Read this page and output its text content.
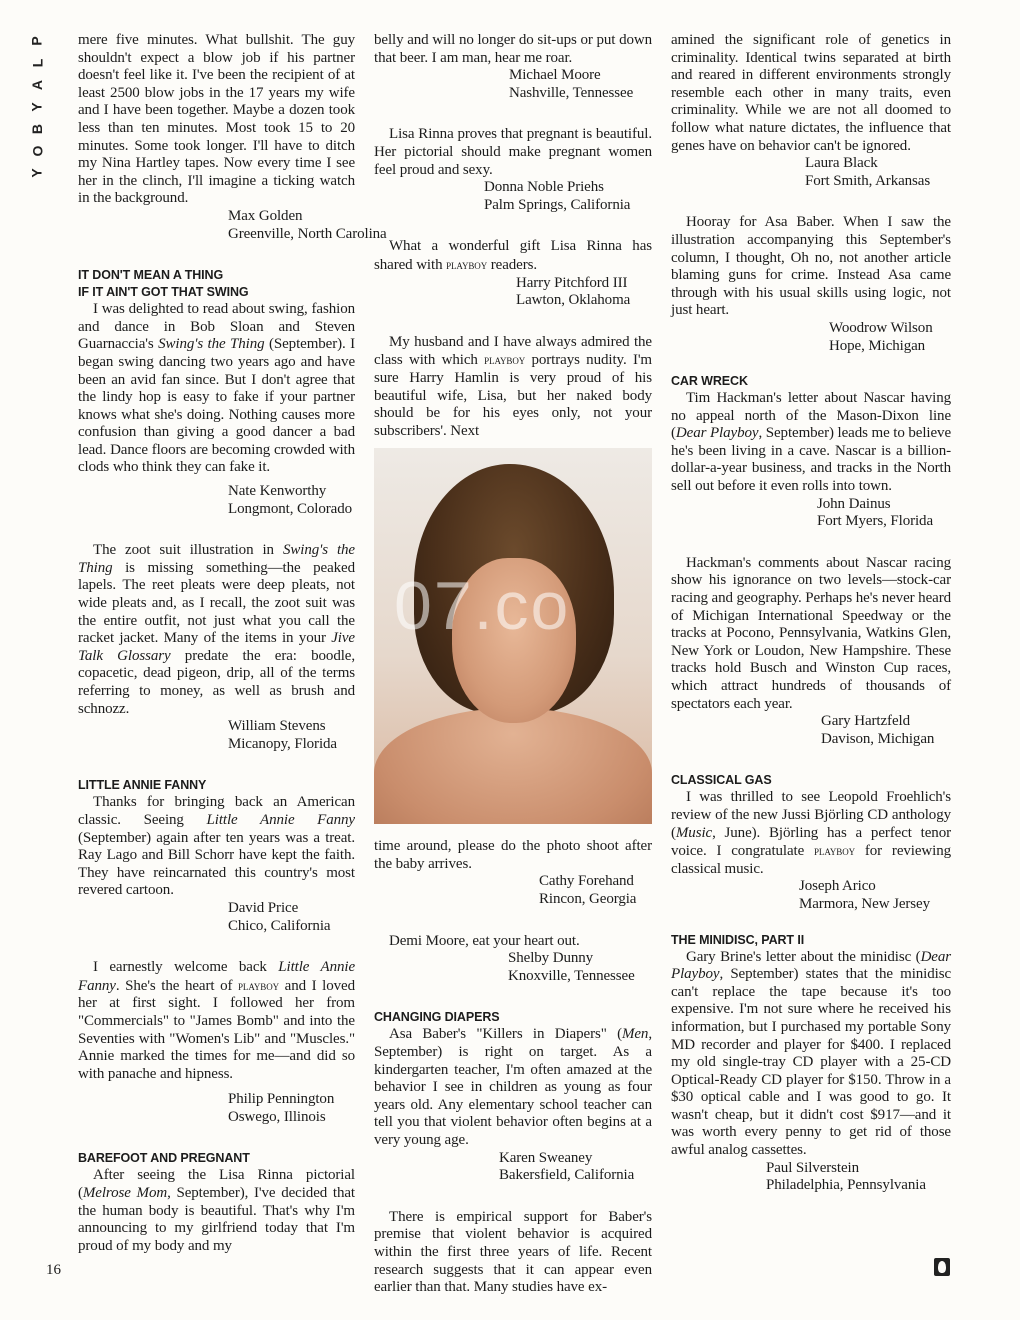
P
L
A
Y
B
O
Y

mere five minutes. What bullshit. The guy shouldn't expect a blow job if his partner doesn't feel like it. I've been the recipient of at least 2500 blow jobs in the 17 years my wife and I have been together. Maybe a dozen took less than ten minutes. Most took 15 to 20 minutes. Some took longer. I'll have to ditch my Nina Hartley tapes. Now every time I see her in the clinch, I'll imagine a ticking watch in the background.

Max Golden
Greenville, North Carolina
IT DON'T MEAN A THING
IF IT AIN'T GOT THAT SWING

I was delighted to read about swing, fashion and dance in Bob Sloan and Steven Guarnaccia's Swing's the Thing (September). I began swing dancing two years ago and have been an avid fan since. But I don't agree that the lindy hop is easy to fake if your partner knows what she's doing. Nothing causes more confusion than giving a good dancer a bad lead. Dance floors are becoming crowded with clods who think they can fake it.

Nate Kenworthy
Longmont, Colorado

The zoot suit illustration in Swing's the Thing is missing something—the peaked lapels. The reet pleats were deep pleats, not wide pleats and, as I recall, the zoot suit was the entire outfit, not just what you call the racket jacket. Many of the items in your Jive Talk Glossary predate the era: boodle, copacetic, dead pigeon, drip, all of the terms referring to money, as well as brush and schnozz.

William Stevens
Micanopy, Florida
LITTLE ANNIE FANNY

Thanks for bringing back an American classic. Seeing Little Annie Fanny (September) again after ten years was a treat. Ray Lago and Bill Schorr have kept the faith. They have reincarnated this country's most revered cartoon.

David Price
Chico, California

I earnestly welcome back Little Annie Fanny. She's the heart of playboy and I loved her at first sight. I followed her from "Commercials" to "James Bomb" and into the Seventies with "Women's Lib" and "Muscles." Annie marked the times for me—and did so with panache and hipness.

Philip Pennington
Oswego, Illinois
BAREFOOT AND PREGNANT

After seeing the Lisa Rinna pictorial (Melrose Mom, September), I've decided that the human body is beautiful. That's why I'm announcing to my girlfriend today that I'm proud of my body and my

belly and will no longer do sit-ups or put down that beer. I am man, hear me roar.

Michael Moore
Nashville, Tennessee

Lisa Rinna proves that pregnant is beautiful. Her pictorial should make pregnant women feel proud and sexy.

Donna Noble Priehs
Palm Springs, California

What a wonderful gift Lisa Rinna has shared with playboy readers.

Harry Pitchford III
Lawton, Oklahoma

My husband and I have always admired the class with which playboy portrays nudity. I'm sure Harry Hamlin is very proud of his beautiful wife, Lisa, but her naked body should be for his eyes only, not your subscribers'. Next

07.co

time around, please do the photo shoot after the baby arrives.

Cathy Forehand
Rincon, Georgia

Demi Moore, eat your heart out.

Shelby Dunny
Knoxville, Tennessee
CHANGING DIAPERS

Asa Baber's "Killers in Diapers" (Men, September) is right on target. As a kindergarten teacher, I'm often amazed at the behavior I see in children as young as four years old. Any elementary school teacher can tell you that violent behavior often begins at a very young age.

Karen Sweaney
Bakersfield, California

There is empirical support for Baber's premise that violent behavior is acquired within the first three years of life. Recent research suggests that it can appear even earlier than that. Many studies have ex-

amined the significant role of genetics in criminality. Identical twins separated at birth and reared in different environments strongly resemble each other in many traits, even criminality. While we are not all doomed to follow what nature dictates, the influence that genes have on behavior can't be ignored.

Laura Black
Fort Smith, Arkansas

Hooray for Asa Baber. When I saw the illustration accompanying this September's column, I thought, Oh no, not another article blaming guns for crime. Instead Asa came through with his usual skills using logic, not just heart.

Woodrow Wilson
Hope, Michigan
CAR WRECK

Tim Hackman's letter about Nascar having no appeal north of the Mason-Dixon line (Dear Playboy, September) leads me to believe he's been living in a cave. Nascar is a billion-dollar-a-year business, and tracks in the North sell out before it even rolls into town.

John Dainus
Fort Myers, Florida

Hackman's comments about Nascar racing show his ignorance on two levels—stock-car racing and geography. Perhaps he's never heard of Michigan International Speedway or the tracks at Pocono, Pennsylvania, Watkins Glen, New York or Loudon, New Hampshire. These tracks hold Busch and Winston Cup races, which attract hundreds of thousands of spectators each year.

Gary Hartzfeld
Davison, Michigan
CLASSICAL GAS

I was thrilled to see Leopold Froehlich's review of the new Jussi Björling CD anthology (Music, June). Björling has a perfect tenor voice. I congratulate playboy for reviewing classical music.

Joseph Arico
Marmora, New Jersey
THE MINIDISC, PART II

Gary Brine's letter about the minidisc (Dear Playboy, September) states that the minidisc can't replace the tape because it's too expensive. I'm not sure where he received his information, but I purchased my portable Sony MD recorder and player for $400. I replaced my old single-tray CD player with a 25-CD Optical-Ready CD player for $150. Throw in a $30 optical cable and I was good to go. It wasn't cheap, but it didn't cost $917—and it was worth every penny to get rid of those awful analog cassettes.

Paul Silverstein
Philadelphia, Pennsylvania
16
